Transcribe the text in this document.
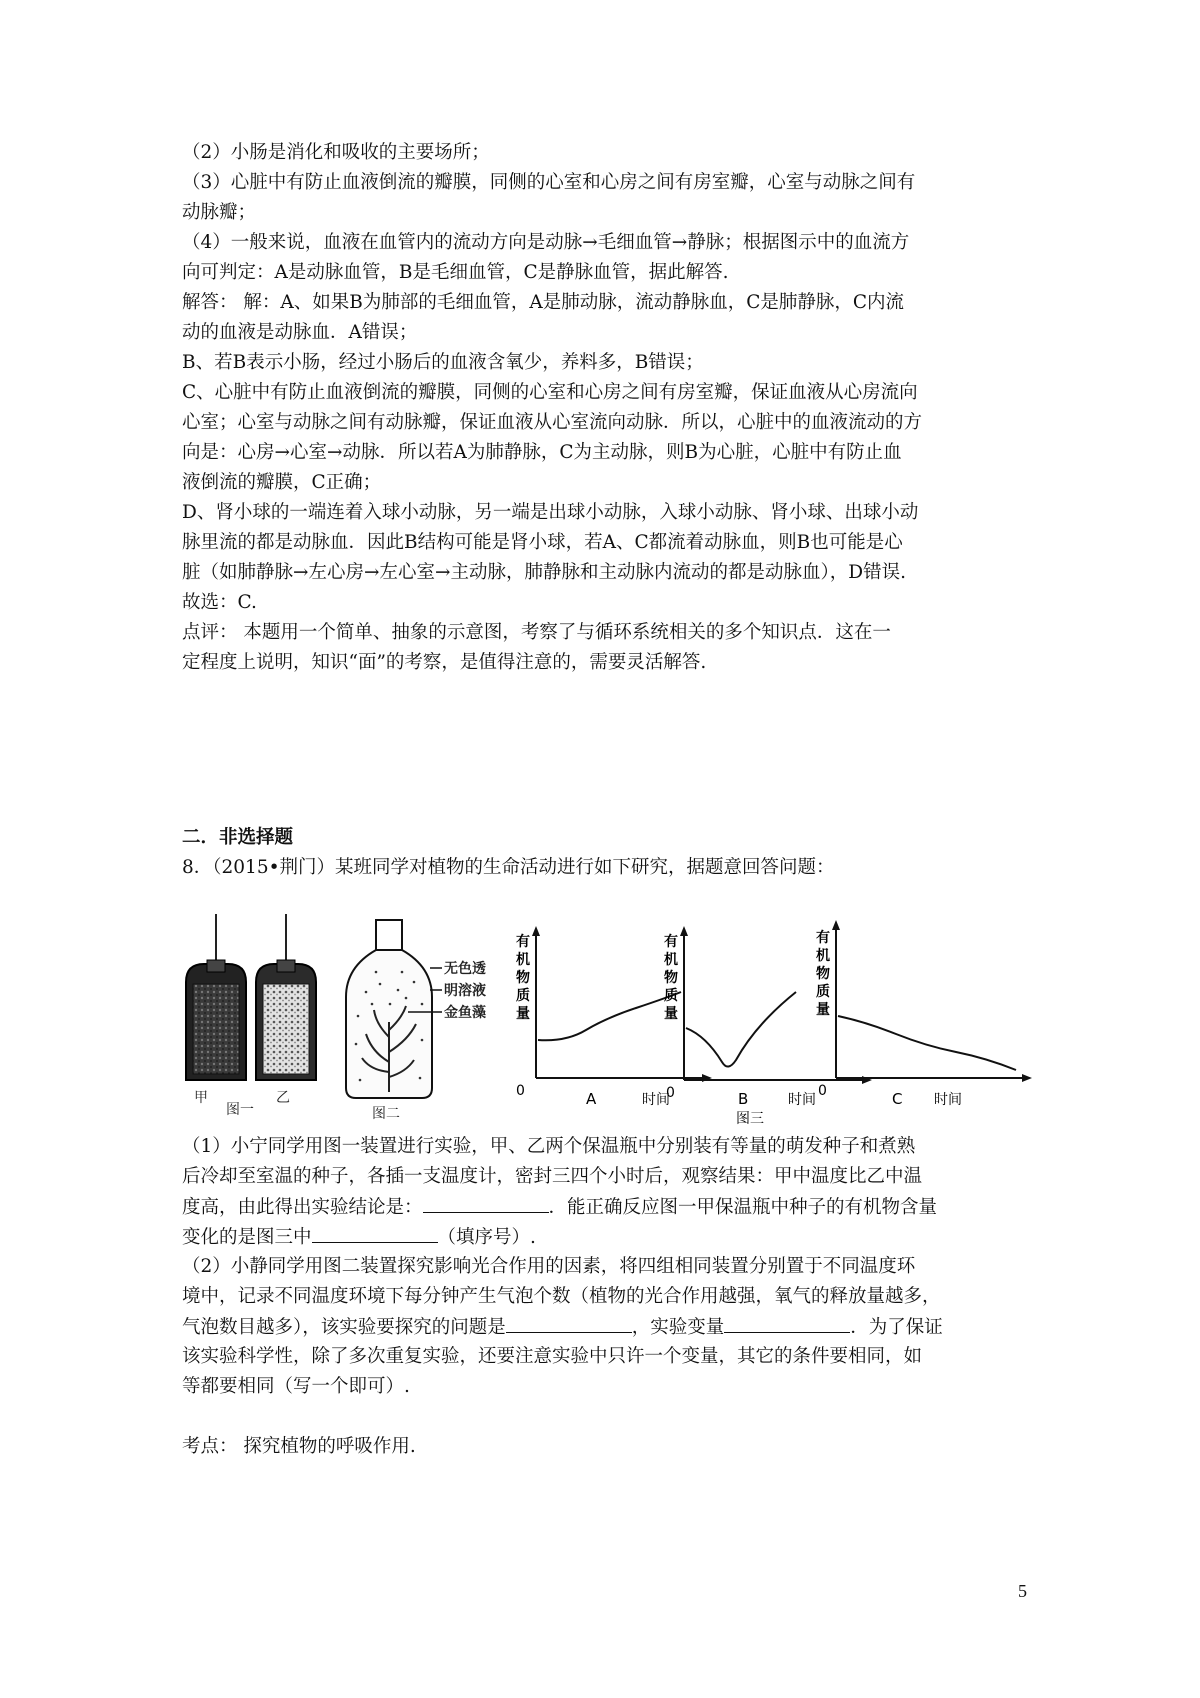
（2）小肠是消化和吸收的主要场所；
（3）心脏中有防止血液倒流的瓣膜，同侧的心室和心房之间有房室瓣，心室与动脉之间有
动脉瓣；
（4）一般来说，血液在血管内的流动方向是动脉→毛细血管→静脉；根据图示中的血流方
向可判定：A是动脉血管，B是毛细血管，C是静脉血管，据此解答.
解答： 解：A、如果B为肺部的毛细血管，A是肺动脉，流动静脉血，C是肺静脉，C内流
动的血液是动脉血．A错误；
B、若B表示小肠，经过小肠后的血液含氧少，养料多，B错误；
C、心脏中有防止血液倒流的瓣膜，同侧的心室和心房之间有房室瓣，保证血液从心房流向
心室；心室与动脉之间有动脉瓣，保证血液从心室流向动脉．所以，心脏中的血液流动的方
向是：心房→心室→动脉．所以若A为肺静脉，C为主动脉，则B为心脏，心脏中有防止血
液倒流的瓣膜，C正确；
D、肾小球的一端连着入球小动脉，另一端是出球小动脉，入球小动脉、肾小球、出球小动
脉里流的都是动脉血．因此B结构可能是肾小球，若A、C都流着动脉血，则B也可能是心
脏（如肺静脉→左心房→左心室→主动脉，肺静脉和主动脉内流动的都是动脉血），D错误.
故选：C.
点评： 本题用一个简单、抽象的示意图，考察了与循环系统相关的多个知识点．这在一
定程度上说明，知识“面”的考察，是值得注意的，需要灵活解答.
二．非选择题
8．（2015•荆门）某班同学对植物的生命活动进行如下研究，据题意回答问题：
甲	乙
图一
无色透
明溶液
金鱼藻
图二
有
机
物
质
量
0	A	时间
有
机
物
质
量
0	B	时间
图三
有
机
物
质
量
0	C 时间
（1）小宁同学用图一装置进行实验，甲、乙两个保温瓶中分别装有等量的萌发种子和煮熟
后冷却至室温的种子，各插一支温度计，密封三四个小时后，观察结果：甲中温度比乙中温
度高，由此得出实验结论是：	．能正确反应图一甲保温瓶中种子的有机物含量
变化的是图三中	（填序号）.
（2）小静同学用图二装置探究影响光合作用的因素，将四组相同装置分别置于不同温度环
境中，记录不同温度环境下每分钟产生气泡个数（植物的光合作用越强，氧气的释放量越多，
气泡数目越多），该实验要探究的问题是	，实验变量	．为了保证
该实验科学性，除了多次重复实验，还要注意实验中只许一个变量，其它的条件要相同，如
等都要相同（写一个即可）.
考点： 探究植物的呼吸作用.
5
